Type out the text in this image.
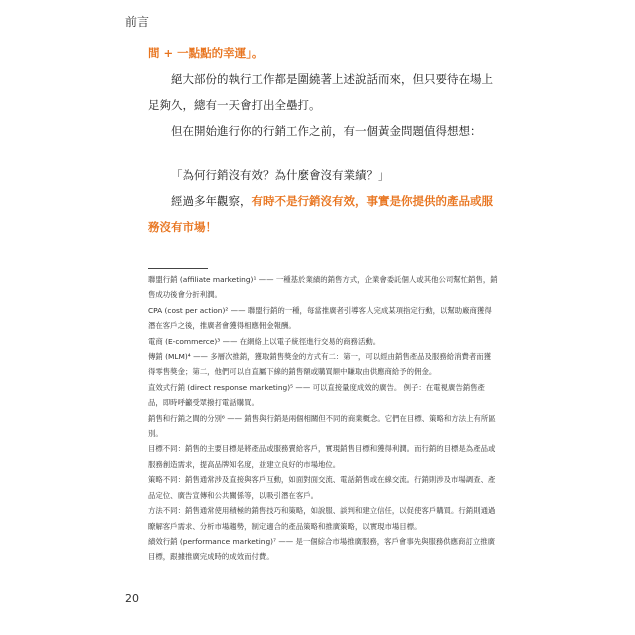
前言

間 + 一點點的幸運」。

絕大部份的執行工作都是圍繞著上述說話而來，但只要待在場上足夠久，總有一天會打出全壘打。

但在開始進行你的行銷工作之前，有一個黃金問題值得想想：

「為何行銷沒有效？為什麼會沒有業績？」

經過多年觀察，有時不是行銷沒有效，事實是你提供的產品或服務沒有市場！

聯盟行銷 (affiliate marketing)¹ —— 一種基於業績的銷售方式，企業會委託個人或其他公司幫忙銷售，銷售成功後會分折利潤。

CPA (cost per action)² —— 聯盟行銷的一種，每當推廣者引導客人完成某項指定行動，以幫助廠商獲得潛在客戶之後，推廣者會獲得相應佣金報酬。

電商 (E-commerce)³ —— 在網絡上以電子統徑進行交易的商務活動。

傳銷 (MLM)⁴ —— 多層次推銷，獲取銷售獎金的方式有二：第一，可以經由銷售產品及服務給消費者而獲得零售獎金；第二，他們可以自直屬下線的銷售額或購買額中賺取由供應商給予的佣金。

直效式行銷 (direct response marketing)⁵ —— 可以直接量度成效的廣告。 例子：在電視廣告銷售產品，即時呼籲受眾撥打電話購買。

銷售和行銷之間的分別⁶ —— 銷售與行銷是兩個相關但不同的商業概念。它們在目標、策略和方法上有所區別。

目標不同：銷售的主要目標是將產品或服務賣給客戶，實現銷售目標和獲得利潤。而行銷的目標是為產品或服務創造需求，提高品牌知名度，並建立良好的市場地位。

策略不同：銷售通常涉及直接與客戶互動，如面對面交流、電話銷售或在線交流。行銷則涉及市場調查、產品定位、廣告宣傳和公共關係等，以吸引潛在客戶。

方法不同：銷售通常使用積極的銷售技巧和策略，如說服、談判和建立信任，以促使客戶購買。行銷則通過瞭解客戶需求、分析市場趨勢，制定適合的產品策略和推廣策略，以實現市場目標。

績效行銷 (performance marketing)⁷ —— 是一個綜合市場推廣服務，客戶會事先與服務供應商訂立推廣目標，跟據推廣完成時的成效而付費。

20
